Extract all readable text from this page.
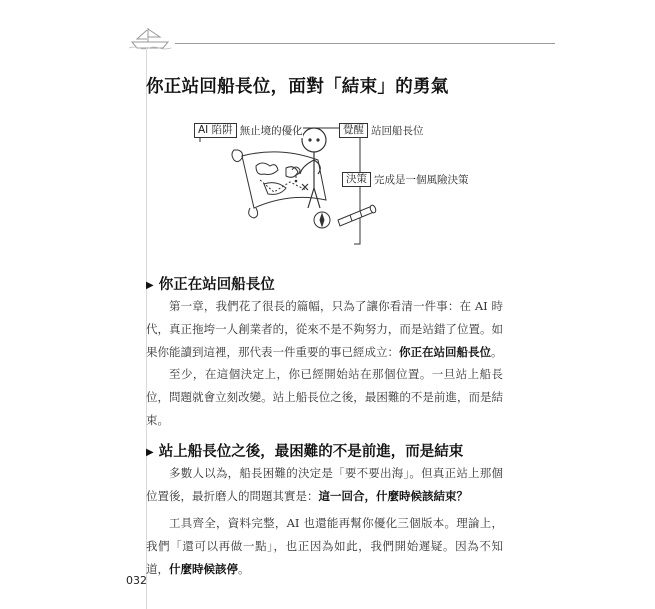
你正站回船長位，面對「結束」的勇氣
AI 陷阱 無止境的優化	覺醒 站回船長位
決策 完成是一個風險決策
▶ 你正在站回船長位

第一章，我們花了很長的篇幅，只為了讓你看清一件事：在 AI 時代，真正拖垮一人創業者的，從來不是不夠努力，而是站錯了位置。如果你能讀到這裡，那代表一件重要的事已經成立：你正在站回船長位。

至少，在這個決定上，你已經開始站在那個位置。一旦站上船長位，問題就會立刻改變。站上船長位之後，最困難的不是前進，而是結束。

▶ 站上船長位之後，最困難的不是前進，而是結束

多數人以為，船長困難的決定是「要不要出海」。但真正站上那個位置後，最折磨人的問題其實是：這一回合，什麼時候該結束？

工具齊全，資料完整，AI 也還能再幫你優化三個版本。理論上，我們「還可以再做一點」，也正因為如此，我們開始遲疑。因為不知道，什麼時候該停。

032
